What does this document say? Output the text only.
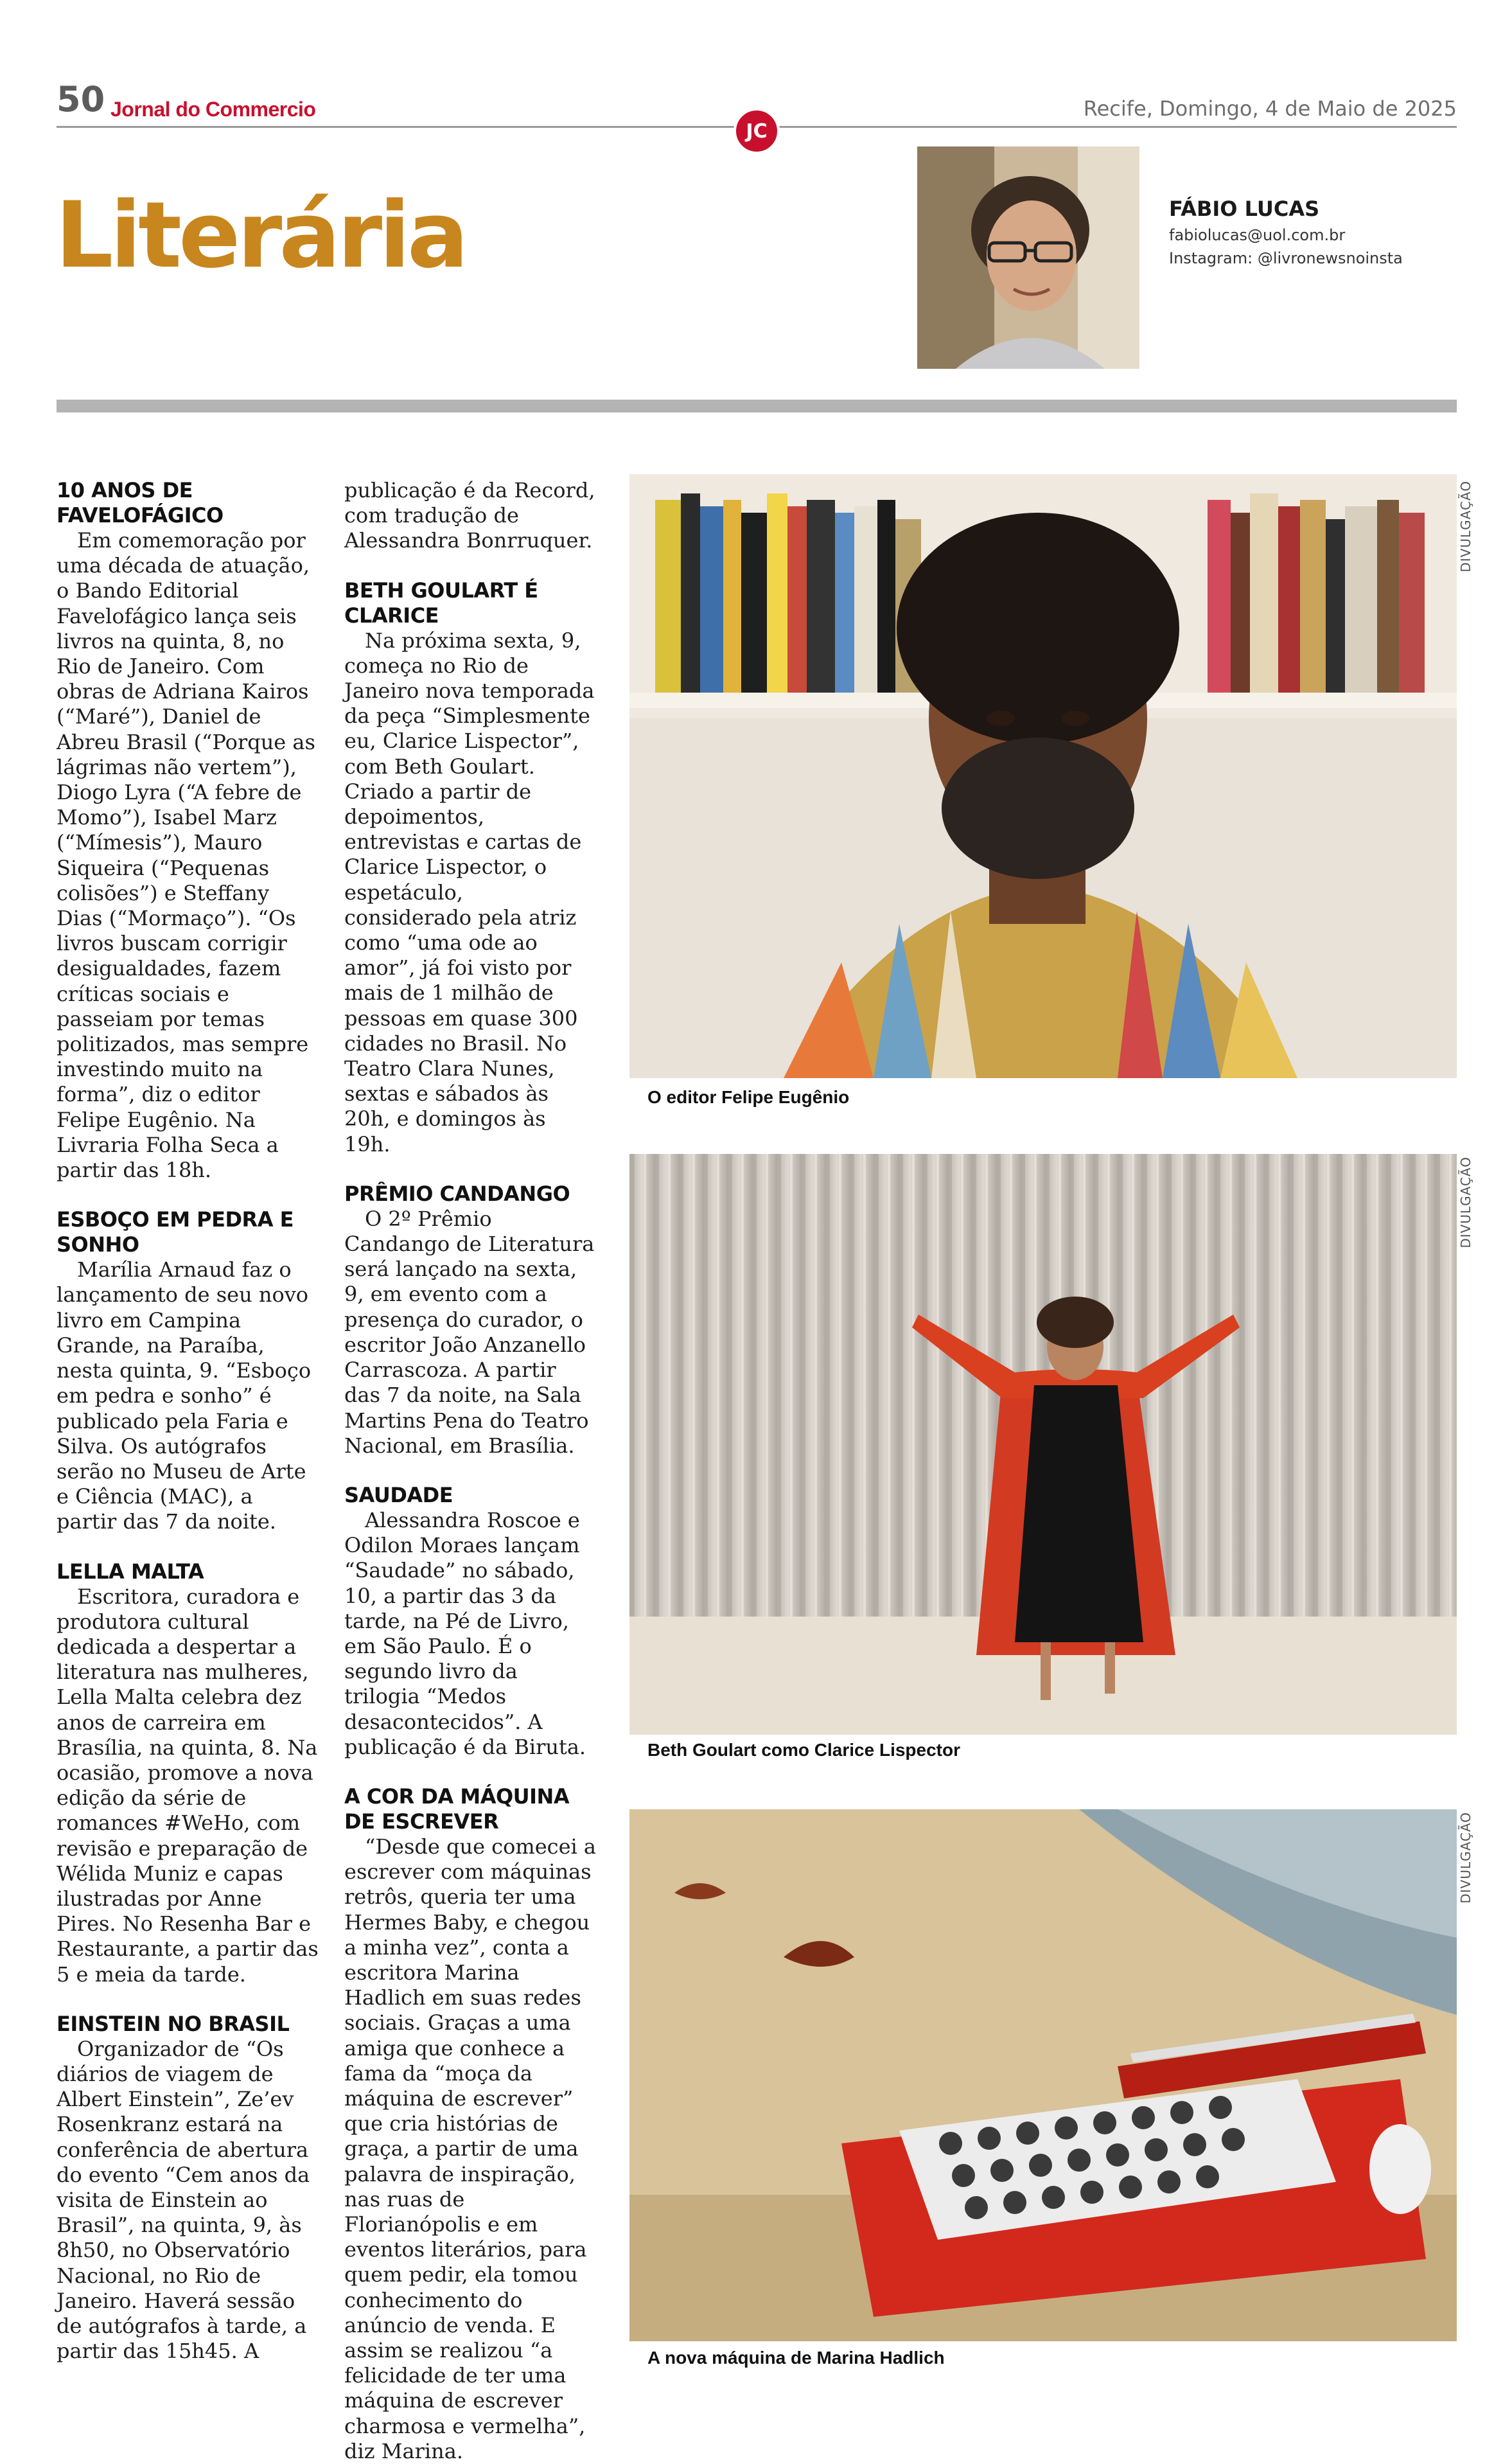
50 Jornal do Commercio	Recife, Domingo, 4 de Maio de 2025
JC
Literária	FÁBIO LUCAS
fabiolucas@uol.com.br
Instagram: @livronewsnoinsta
10 ANOS DE FAVELOFÁGICO

Em comemoração por uma década de atuação, o Bando Editorial Favelofágico lança seis livros na quinta, 8, no Rio de Janeiro. Com obras de Adriana Kairos (“Maré”), Daniel de Abreu Brasil (“Porque as lágrimas não vertem”), Diogo Lyra (“A febre de Momo”), Isabel Marz (“Mímesis”), Mauro Siqueira (“Pequenas colisões”) e Steffany Dias (“Mormaço”). “Os livros buscam corrigir desigualdades, fazem críticas sociais e passeiam por temas politizados, mas sempre investindo muito na forma”, diz o editor Felipe Eugênio. Na Livraria Folha Seca a partir das 18h.

ESBOÇO EM PEDRA E SONHO

Marília Arnaud faz o lançamento de seu novo livro em Campina Grande, na Paraíba, nesta quinta, 9. “Esboço em pedra e sonho” é publicado pela Faria e Silva. Os autógrafos serão no Museu de Arte e Ciência (MAC), a partir das 7 da noite.

LELLA MALTA

Escritora, curadora e produtora cultural dedicada a despertar a literatura nas mulheres, Lella Malta celebra dez anos de carreira em Brasília, na quinta, 8. Na ocasião, promove a nova edição da série de romances #WeHo, com revisão e preparação de Wélida Muniz e capas ilustradas por Anne Pires. No Resenha Bar e Restaurante, a partir das 5 e meia da tarde.

EINSTEIN NO BRASIL

Organizador de “Os diários de viagem de Albert Einstein”, Ze’ev Rosenkranz estará na conferência de abertura do evento “Cem anos da visita de Einstein ao Brasil”, na quinta, 9, às 8h50, no Observatório Nacional, no Rio de Janeiro. Haverá sessão de autógrafos à tarde, a partir das 15h45. A

publicação é da Record, com tradução de Alessandra Bonrruquer.

BETH GOULART É CLARICE

Na próxima sexta, 9, começa no Rio de Janeiro nova temporada da peça “Simplesmente eu, Clarice Lispector”, com Beth Goulart. Criado a partir de depoimentos, entrevistas e cartas de Clarice Lispector, o espetáculo, considerado pela atriz como “uma ode ao amor”, já foi visto por mais de 1 milhão de pessoas em quase 300 cidades no Brasil. No Teatro Clara Nunes, sextas e sábados às 20h, e domingos às 19h.

PRÊMIO CANDANGO

O 2º Prêmio Candango de Literatura será lançado na sexta, 9, em evento com a presença do curador, o escritor João Anzanello Carrascoza. A partir das 7 da noite, na Sala Martins Pena do Teatro Nacional, em Brasília.

SAUDADE

Alessandra Roscoe e Odilon Moraes lançam “Saudade” no sábado, 10, a partir das 3 da tarde, na Pé de Livro, em São Paulo. É o segundo livro da trilogia “Medos desacontecidos”. A publicação é da Biruta.

A COR DA MÁQUINA DE ESCREVER

“Desde que comecei a escrever com máquinas retrôs, queria ter uma Hermes Baby, e chegou a minha vez”, conta a escritora Marina Hadlich em suas redes sociais. Graças a uma amiga que conhece a fama da “moça da máquina de escrever” que cria histórias de graça, a partir de uma palavra de inspiração, nas ruas de Florianópolis e em eventos literários, para quem pedir, ela tomou conhecimento do anúncio de venda. E assim se realizou “a felicidade de ter uma máquina de escrever charmosa e vermelha”, diz Marina.

DIVULGAÇÃO
O editor Felipe Eugênio
DIVULGAÇÃO
Beth Goulart como Clarice Lispector
DIVULGAÇÃO
A nova máquina de Marina Hadlich
